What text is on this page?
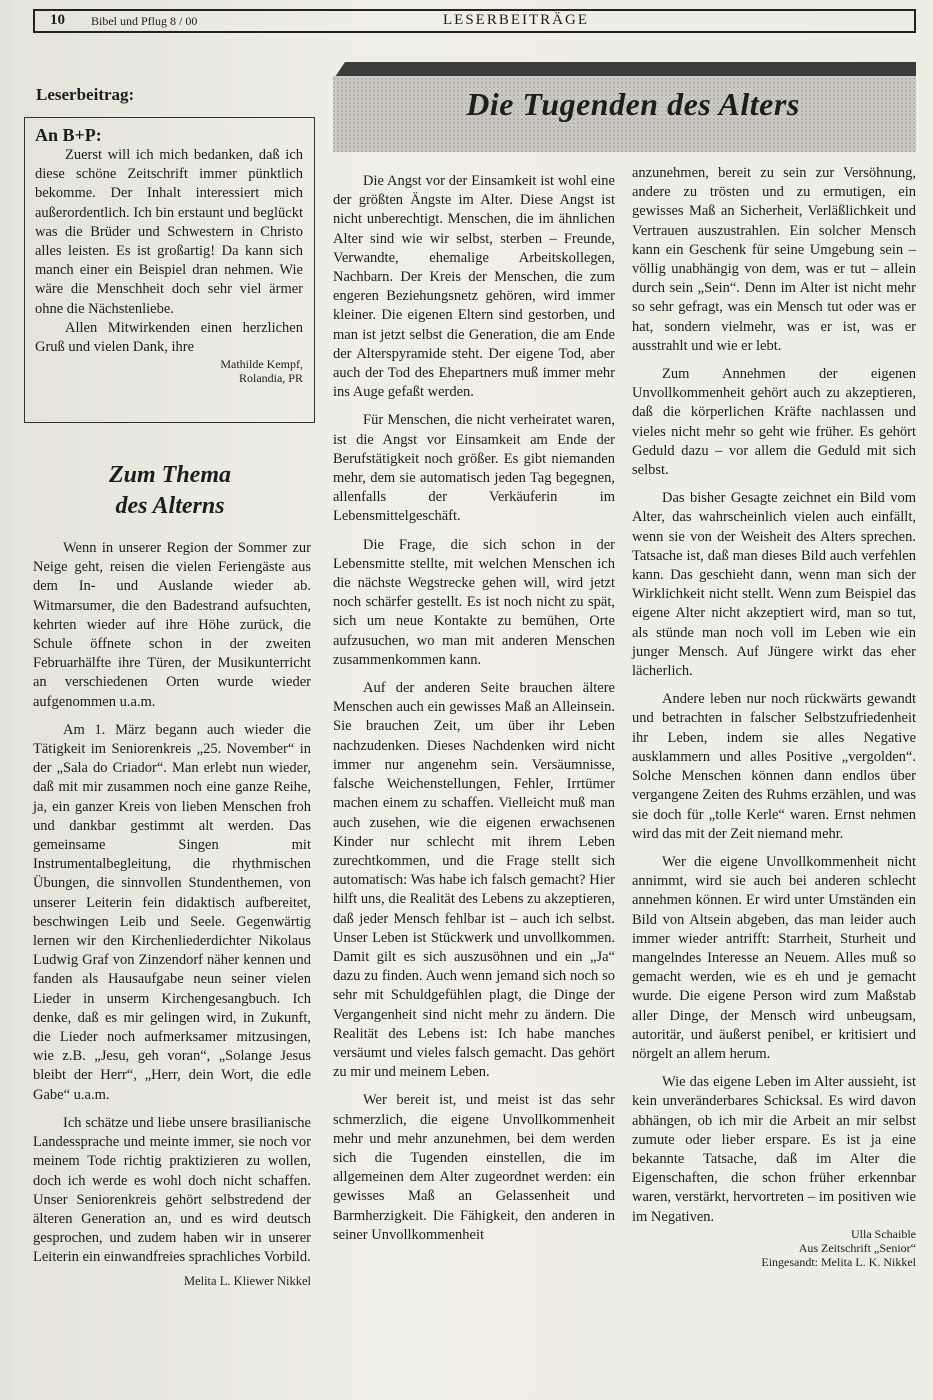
10 Bibel und Pflug 8 / 00	LESERBEITRÄGE
Leserbeitrag:
An B+P:

Zuerst will ich mich bedanken, daß ich diese schöne Zeitschrift immer pünktlich bekomme. Der Inhalt interessiert mich außerordentlich. Ich bin erstaunt und beglückt was die Brüder und Schwestern in Christo alles leisten. Es ist großartig! Da kann sich manch einer ein Beispiel dran nehmen. Wie wäre die Menschheit doch sehr viel ärmer ohne die Nächstenliebe.

Allen Mitwirkenden einen herzlichen Gruß und vielen Dank, ihre

Mathilde Kempf,
Rolandia, PR
Zum Thema
des Alterns

Wenn in unserer Region der Sommer zur Neige geht, reisen die vielen Feriengäste aus dem In- und Auslande wieder ab. Witmarsumer, die den Badestrand aufsuchten, kehrten wieder auf ihre Höhe zurück, die Schule öffnete schon in der zweiten Februarhälfte ihre Türen, der Musikunterricht an verschiedenen Orten wurde wieder aufgenommen u.a.m.

Am 1. März begann auch wieder die Tätigkeit im Seniorenkreis „25. November“ in der „Sala do Criador“. Man erlebt nun wieder, daß mit mir zusammen noch eine ganze Reihe, ja, ein ganzer Kreis von lieben Menschen froh und dankbar gestimmt alt werden. Das gemeinsame Singen mit Instrumentalbegleitung, die rhythmischen Übungen, die sinnvollen Stundenthemen, von unserer Leiterin fein didaktisch aufbereitet, beschwingen Leib und Seele. Gegenwärtig lernen wir den Kirchenliederdichter Nikolaus Ludwig Graf von Zinzendorf näher kennen und fanden als Hausaufgabe neun seiner vielen Lieder in unserm Kirchengesangbuch. Ich denke, daß es mir gelingen wird, in Zukunft, die Lieder noch aufmerksamer mitzusingen, wie z.B. „Jesu, geh voran“, „Solange Jesus bleibt der Herr“, „Herr, dein Wort, die edle Gabe“ u.a.m.

Ich schätze und liebe unsere brasilianische Landessprache und meinte immer, sie noch vor meinem Tode richtig praktizieren zu wollen, doch ich werde es wohl doch nicht schaffen. Unser Seniorenkreis gehört selbstredend der älteren Generation an, und es wird deutsch gesprochen, und zudem haben wir in unserer Leiterin ein einwandfreies sprachliches Vorbild.

Melita L. Kliewer Nikkel
Die Tugenden des Alters

Die Angst vor der Einsamkeit ist wohl eine der größten Ängste im Alter. Diese Angst ist nicht unberechtigt. Menschen, die im ähnlichen Alter sind wie wir selbst, sterben – Freunde, Verwandte, ehemalige Arbeitskollegen, Nachbarn. Der Kreis der Menschen, die zum engeren Beziehungsnetz gehören, wird immer kleiner. Die eigenen Eltern sind gestorben, und man ist jetzt selbst die Generation, die am Ende der Alterspyramide steht. Der eigene Tod, aber auch der Tod des Ehepartners muß immer mehr ins Auge gefaßt werden.

Für Menschen, die nicht verheiratet waren, ist die Angst vor Einsamkeit am Ende der Berufstätigkeit noch größer. Es gibt niemanden mehr, dem sie automatisch jeden Tag begegnen, allenfalls der Verkäuferin im Lebensmittelgeschäft.

Die Frage, die sich schon in der Lebensmitte stellte, mit welchen Menschen ich die nächste Wegstrecke gehen will, wird jetzt noch schärfer gestellt. Es ist noch nicht zu spät, sich um neue Kontakte zu bemühen, Orte aufzusuchen, wo man mit anderen Menschen zusammenkommen kann.

Auf der anderen Seite brauchen ältere Menschen auch ein gewisses Maß an Alleinsein. Sie brauchen Zeit, um über ihr Leben nachzudenken. Dieses Nachdenken wird nicht immer nur angenehm sein. Versäumnisse, falsche Weichenstellungen, Fehler, Irrtümer machen einem zu schaffen. Vielleicht muß man auch zusehen, wie die eigenen erwachsenen Kinder nur schlecht mit ihrem Leben zurechtkommen, und die Frage stellt sich automatisch: Was habe ich falsch gemacht? Hier hilft uns, die Realität des Lebens zu akzeptieren, daß jeder Mensch fehlbar ist – auch ich selbst. Unser Leben ist Stückwerk und unvollkommen. Damit gilt es sich auszusöhnen und ein „Ja“ dazu zu finden. Auch wenn jemand sich noch so sehr mit Schuldgefühlen plagt, die Dinge der Vergangenheit sind nicht mehr zu ändern. Die Realität des Lebens ist: Ich habe manches versäumt und vieles falsch gemacht. Das gehört zu mir und meinem Leben.

Wer bereit ist, und meist ist das sehr schmerzlich, die eigene Unvollkommenheit mehr und mehr anzunehmen, bei dem werden sich die Tugenden einstellen, die im allgemeinen dem Alter zugeordnet werden: ein gewisses Maß an Gelassenheit und Barmherzigkeit. Die Fähigkeit, den anderen in seiner Unvollkommenheit

anzunehmen, bereit zu sein zur Versöhnung, andere zu trösten und zu ermutigen, ein gewisses Maß an Sicherheit, Verläßlichkeit und Vertrauen auszustrahlen. Ein solcher Mensch kann ein Geschenk für seine Umgebung sein – völlig unabhängig von dem, was er tut – allein durch sein „Sein“. Denn im Alter ist nicht mehr so sehr gefragt, was ein Mensch tut oder was er hat, sondern vielmehr, was er ist, was er ausstrahlt und wie er lebt.

Zum Annehmen der eigenen Unvollkommenheit gehört auch zu akzeptieren, daß die körperlichen Kräfte nachlassen und vieles nicht mehr so geht wie früher. Es gehört Geduld dazu – vor allem die Geduld mit sich selbst.

Das bisher Gesagte zeichnet ein Bild vom Alter, das wahrscheinlich vielen auch einfällt, wenn sie von der Weisheit des Alters sprechen. Tatsache ist, daß man dieses Bild auch verfehlen kann. Das geschieht dann, wenn man sich der Wirklichkeit nicht stellt. Wenn zum Beispiel das eigene Alter nicht akzeptiert wird, man so tut, als stünde man noch voll im Leben wie ein junger Mensch. Auf Jüngere wirkt das eher lächerlich.

Andere leben nur noch rückwärts gewandt und betrachten in falscher Selbstzufriedenheit ihr Leben, indem sie alles Negative ausklammern und alles Positive „vergolden“. Solche Menschen können dann endlos über vergangene Zeiten des Ruhms erzählen, und was sie doch für „tolle Kerle“ waren. Ernst nehmen wird das mit der Zeit niemand mehr.

Wer die eigene Unvollkommenheit nicht annimmt, wird sie auch bei anderen schlecht annehmen können. Er wird unter Umständen ein Bild von Altsein abgeben, das man leider auch immer wieder antrifft: Starrheit, Sturheit und mangelndes Interesse an Neuem. Alles muß so gemacht werden, wie es eh und je gemacht wurde. Die eigene Person wird zum Maßstab aller Dinge, der Mensch wird unbeugsam, autoritär, und äußerst penibel, er kritisiert und nörgelt an allem herum.

Wie das eigene Leben im Alter aussieht, ist kein unveränderbares Schicksal. Es wird davon abhängen, ob ich mir die Arbeit an mir selbst zumute oder lieber erspare. Es ist ja eine bekannte Tatsache, daß im Alter die Eigenschaften, die schon früher erkennbar waren, verstärkt, hervortreten – im positiven wie im Negativen.

Ulla Schaible
Aus Zeitschrift „Senior“
Eingesandt: Melita L. K. Nikkel
